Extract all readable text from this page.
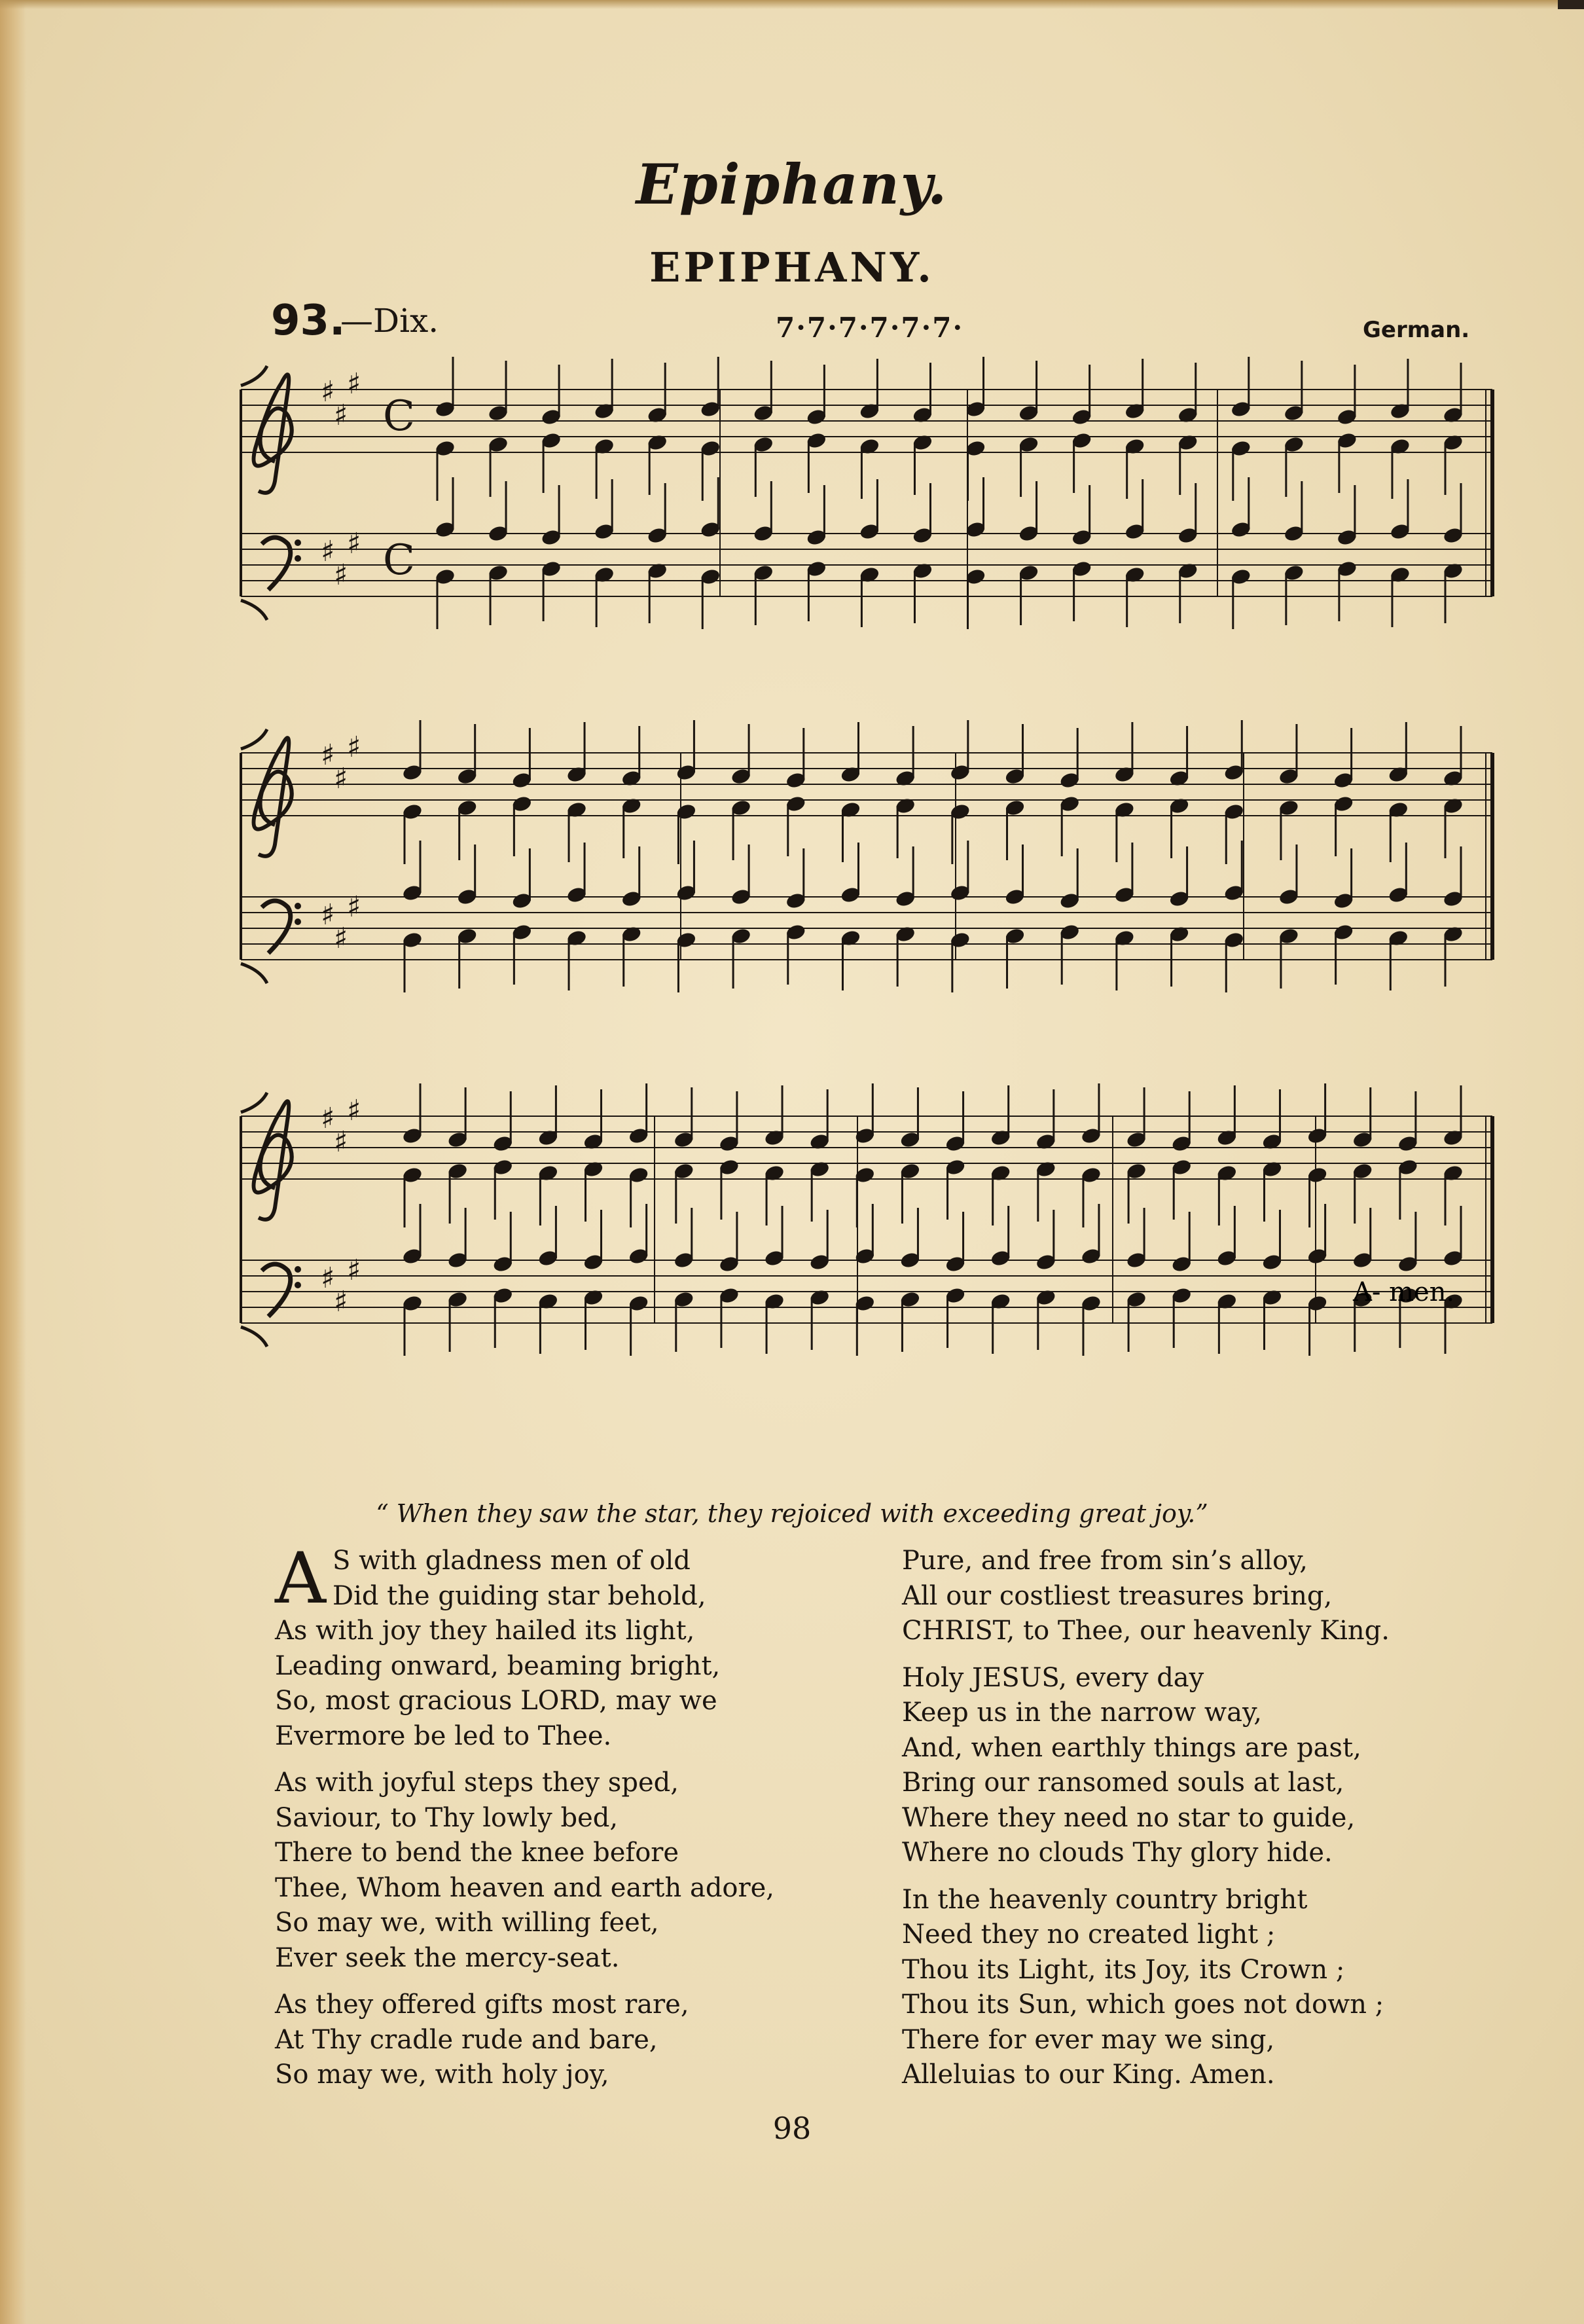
Epiphany.
EPIPHANY.
93.
—Dix.	7·7·7·7·7·7·	German.
♯
♯
♯
♯
♯
♯
C
C
♯
♯
♯
♯
♯
♯
♯
♯
♯
♯
♯
♯
A- men.
“ When they saw the star, they rejoiced with exceeding great joy.”
A S with gladness men of old
Did the guiding star behold,
As with joy they hailed its light,
Leading onward, beaming bright,
So, most gracious LORD, may we
Evermore be led to Thee.
As with joyful steps they sped,
Saviour, to Thy lowly bed,
There to bend the knee before
Thee, Whom heaven and earth adore,
So may we, with willing feet,
Ever seek the mercy-seat.
As they offered gifts most rare,
At Thy cradle rude and bare,
So may we, with holy joy,
Pure, and free from sin’s alloy,
All our costliest treasures bring,
CHRIST, to Thee, our heavenly King.
Holy JESUS, every day
Keep us in the narrow way,
And, when earthly things are past,
Bring our ransomed souls at last,
Where they need no star to guide,
Where no clouds Thy glory hide.
In the heavenly country bright
Need they no created light ;
Thou its Light, its Joy, its Crown ;
Thou its Sun, which goes not down ;
There for ever may we sing,
Alleluias to our King. Amen.
98
